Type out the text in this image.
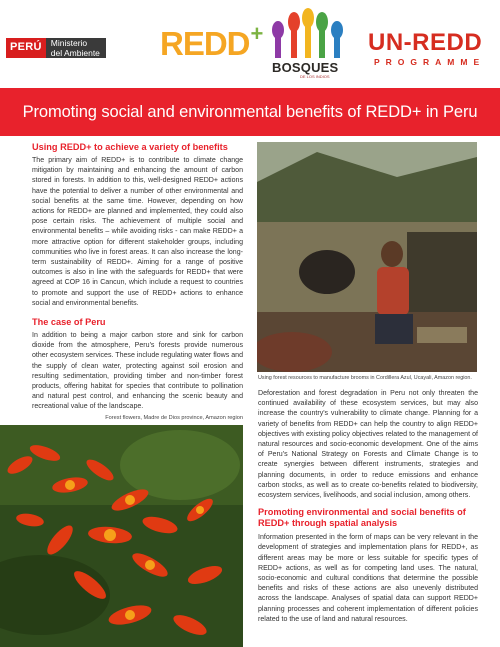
PERÚ	Ministerio
del Ambiente REDD+
BOSQUES
DE LOS INDIOS
UN-REDD
PROGRAMME
Promoting social and environmental benefits of REDD+ in Peru
Using REDD+ to achieve a variety of benefits

The primary aim of REDD+ is to contribute to climate change mitigation by maintaining and enhancing the amount of carbon stored in forests. In addition to this, well-designed REDD+ actions have the potential to deliver a number of other environmental and social benefits at the same time. However, depending on how actions for REDD+ are planned and implemented, they could also pose certain risks. The achievement of multiple social and environmental benefits – while avoiding risks - can make REDD+ a more attractive option for different stakeholder groups, including communities who live in forest areas. It can also increase the long-term sustainability of REDD+. Aiming for a range of positive outcomes is also in line with the safeguards for REDD+ that were agreed at COP 16 in Cancun, which include a request to countries to promote and support the use of REDD+ actions to enhance social and environmental benefits.

The case of Peru

In addition to being a major carbon store and sink for carbon dioxide from the atmosphere, Peru's forests provide numerous other ecosystem services. These include regulating water flows and the supply of clean water, protecting against soil erosion and resulting sedimentation, providing timber and non-timber forest products, offering habitat for species that contribute to pollination and natural pest control, and enhancing the scenic beauty and recreational value of the landscape.

Forest flowers, Madre de Dios province, Amazon region
Using forest resources to manufacture brooms in Cordillera Azul, Ucayali, Amazon region.

Deforestation and forest degradation in Peru not only threaten the continued availability of these ecosystem services, but may also increase the country's vulnerability to climate change. Planning for a variety of benefits from REDD+ can help the country to align REDD+ objectives with existing policy objectives related to the management of natural resources and socio-economic development. One of the aims of Peru's National Strategy on Forests and Climate Change is to create synergies between different instruments, strategies and planning documents, in order to reduce emissions and enhance carbon stocks, as well as to create co-benefits related to biodiversity, ecosystem services, livelihoods, and social inclusion, among others.

Promoting environmental and social benefits of REDD+ through spatial analysis

Information presented in the form of maps can be very relevant in the development of strategies and implementation plans for REDD+, as different areas may be more or less suitable for specific types of REDD+ actions, as well as for competing land uses. The natural, socio-economic and cultural conditions that determine the possible benefits and risks of these actions are also unevenly distributed across the landscape. Analyses of spatial data can support REDD+ planning processes and coherent implementation of different policies related to the use of land and natural resources.
